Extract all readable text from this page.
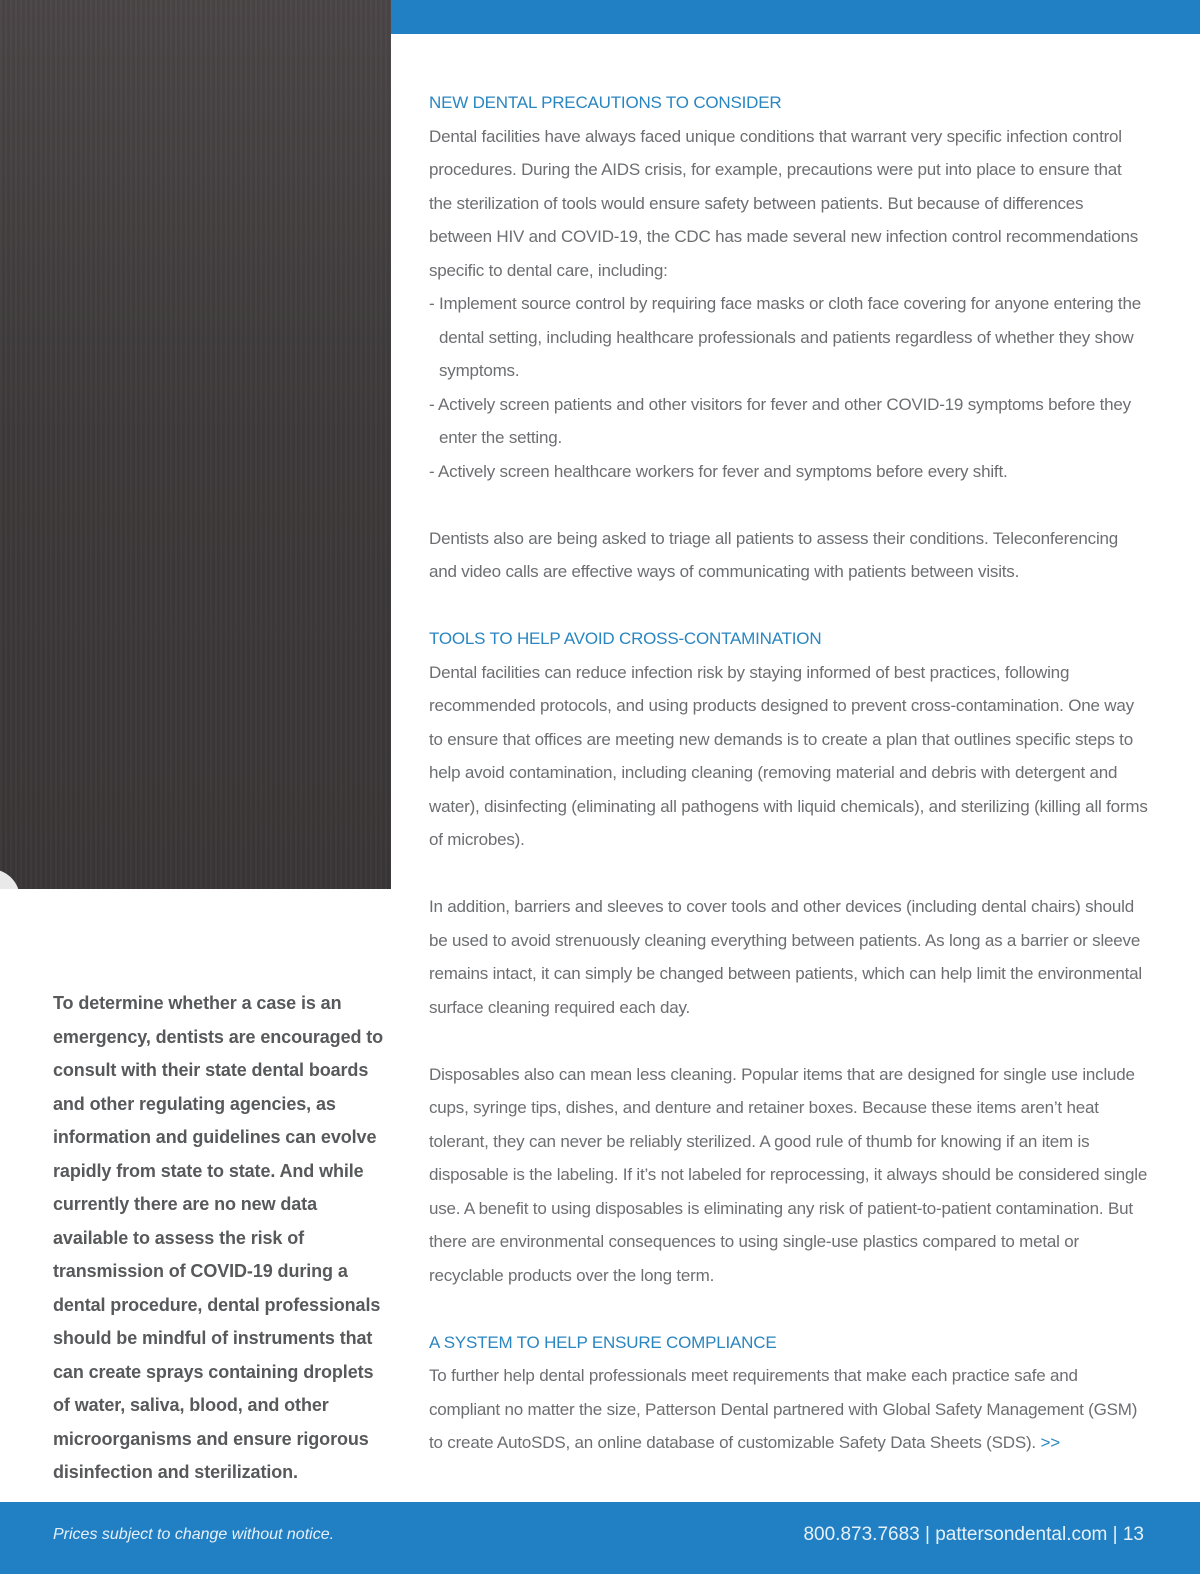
NEW DENTAL PRECAUTIONS TO CONSIDER

Dental facilities have always faced unique conditions that warrant very specific infection control procedures. During the AIDS crisis, for example, precautions were put into place to ensure that the sterilization of tools would ensure safety between patients. But because of differences between HIV and COVID-19, the CDC has made several new infection control recommendations specific to dental care, including:

- Implement source control by requiring face masks or cloth face covering for anyone entering the dental setting, including healthcare professionals and patients regardless of whether they show symptoms.

- Actively screen patients and other visitors for fever and other COVID-19 symptoms before they enter the setting.

- Actively screen healthcare workers for fever and symptoms before every shift.

Dentists also are being asked to triage all patients to assess their conditions. Teleconferencing and video calls are effective ways of communicating with patients between visits.

TOOLS TO HELP AVOID CROSS-CONTAMINATION

Dental facilities can reduce infection risk by staying informed of best practices, following recommended protocols, and using products designed to prevent cross-contamination. One way to ensure that offices are meeting new demands is to create a plan that outlines specific steps to help avoid contamination, including cleaning (removing material and debris with detergent and water), disinfecting (eliminating all pathogens with liquid chemicals), and sterilizing (killing all forms of microbes).

In addition, barriers and sleeves to cover tools and other devices (including dental chairs) should be used to avoid strenuously cleaning everything between patients. As long as a barrier or sleeve remains intact, it can simply be changed between patients, which can help limit the environmental surface cleaning required each day.

Disposables also can mean less cleaning. Popular items that are designed for single use include cups, syringe tips, dishes, and denture and retainer boxes. Because these items aren’t heat tolerant, they can never be reliably sterilized. A good rule of thumb for knowing if an item is disposable is the labeling. If it’s not labeled for reprocessing, it always should be considered single use. A benefit to using disposables is eliminating any risk of patient-to-patient contamination. But there are environmental consequences to using single-use plastics compared to metal or recyclable products over the long term.

A SYSTEM TO HELP ENSURE COMPLIANCE

To further help dental professionals meet requirements that make each practice safe and compliant no matter the size, Patterson Dental partnered with Global Safety Management (GSM) to create AutoSDS, an online database of customizable Safety Data Sheets (SDS). >>

To determine whether a case is an emergency, dentists are encouraged to consult with their state dental boards and other regulating agencies, as information and guidelines can evolve rapidly from state to state. And while currently there are no new data available to assess the risk of transmission of COVID-19 during a dental procedure, dental professionals should be mindful of instruments that can create sprays containing droplets of water, saliva, blood, and other microorganisms and ensure rigorous disinfection and sterilization.
Prices subject to change without notice.	800.873.7683 | pattersondental.com | 13
